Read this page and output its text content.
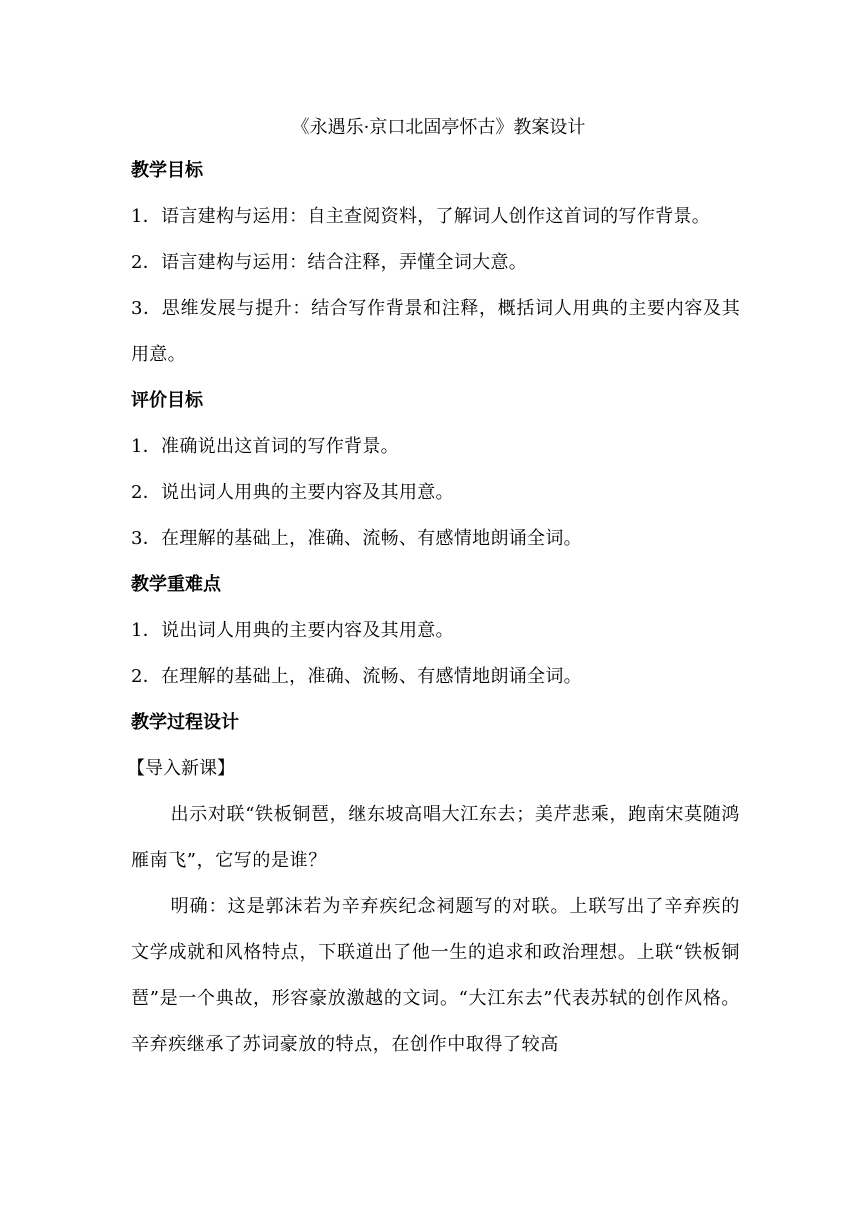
《永遇乐·京口北固亭怀古》教案设计

教学目标

1．语言建构与运用：自主查阅资料，了解词人创作这首词的写作背景。

2．语言建构与运用：结合注释，弄懂全词大意。

3．思维发展与提升：结合写作背景和注释，概括词人用典的主要内容及其用意。

评价目标

1．准确说出这首词的写作背景。

2．说出词人用典的主要内容及其用意。

3．在理解的基础上，准确、流畅、有感情地朗诵全词。

教学重难点

1．说出词人用典的主要内容及其用意。

2．在理解的基础上，准确、流畅、有感情地朗诵全词。

教学过程设计

【导入新课】

出示对联“铁板铜琶，继东坡高唱大江东去；美芹悲乘，跑南宋莫随鸿雁南飞”，它写的是谁？

明确：这是郭沫若为辛弃疾纪念祠题写的对联。上联写出了辛弃疾的文学成就和风格特点，下联道出了他一生的追求和政治理想。上联“铁板铜琶”是一个典故，形容豪放激越的文词。“大江东去”代表苏轼的创作风格。辛弃疾继承了苏词豪放的特点，在创作中取得了较高
